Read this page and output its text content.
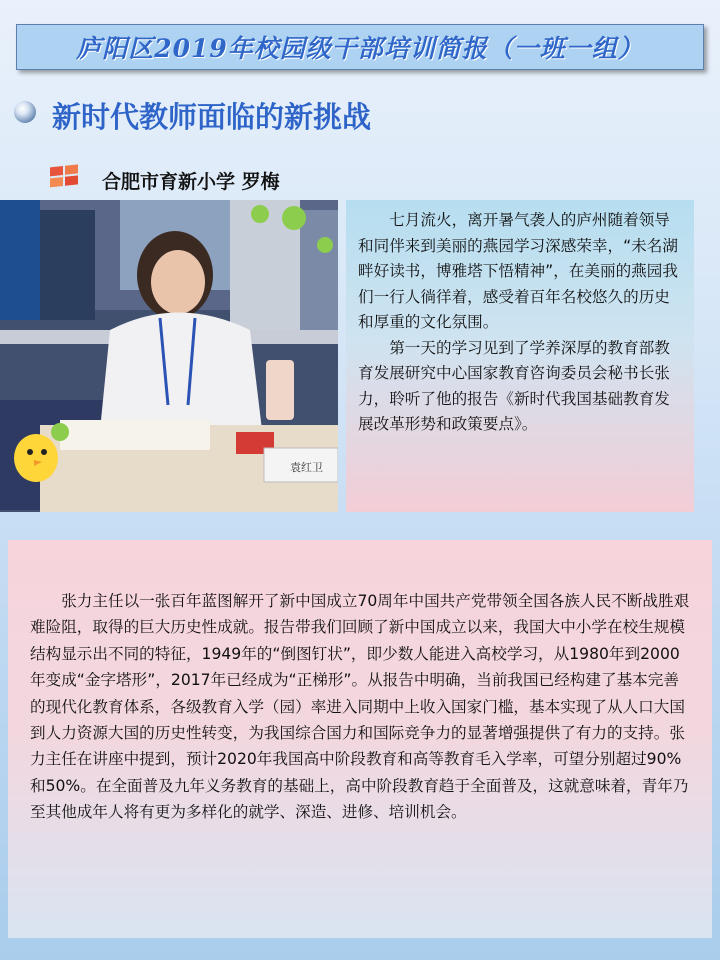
庐阳区2019年校园级干部培训简报（一班一组）
新时代教师面临的新挑战
合肥市育新小学 罗梅
袁红卫

七月流火，离开暑气袭人的庐州随着领导和同伴来到美丽的燕园学习深感荣幸，“未名湖畔好读书，博雅塔下悟精神”，在美丽的燕园我们一行人徜徉着，感受着百年名校悠久的历史和厚重的文化氛围。

第一天的学习见到了学养深厚的教育部教育发展研究中心国家教育咨询委员会秘书长张力，聆听了他的报告《新时代我国基础教育发展改革形势和政策要点》。

张力主任以一张百年蓝图解开了新中国成立70周年中国共产党带领全国各族人民不断战胜艰难险阻，取得的巨大历史性成就。报告带我们回顾了新中国成立以来，我国大中小学在校生规模结构显示出不同的特征，1949年的“倒图钉状”，即少数人能进入高校学习，从1980年到2000年变成“金字塔形”，2017年已经成为“正梯形”。从报告中明确，当前我国已经构建了基本完善的现代化教育体系，各级教育入学（园）率进入同期中上收入国家门槛，基本实现了从人口大国到人力资源大国的历史性转变，为我国综合国力和国际竞争力的显著增强提供了有力的支持。张力主任在讲座中提到，预计2020年我国高中阶段教育和高等教育毛入学率，可望分别超过90%和50%。在全面普及九年义务教育的基础上，高中阶段教育趋于全面普及，这就意味着，青年乃至其他成年人将有更为多样化的就学、深造、进修、培训机会。
